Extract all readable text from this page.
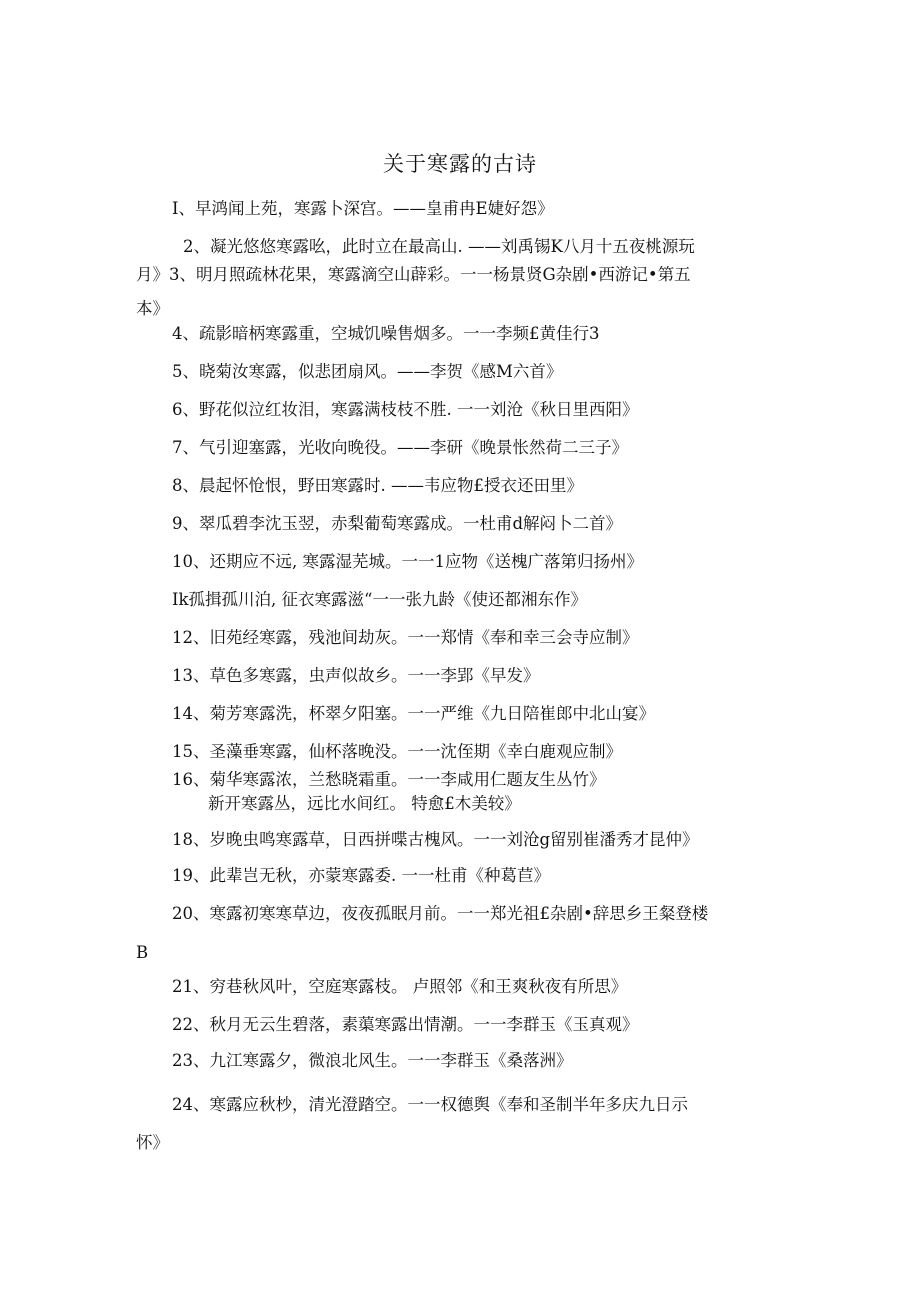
关于寒露的古诗
I、早鸿闻上苑，寒露卜深宫。——皇甫冉E婕好怨》
2、凝光悠悠寒露吆，此时立在最高山. ——刘禹锡K八月十五夜桃源玩
月》3、明月照疏林花果，寒露滴空山薜彩。一一杨景贤G杂剧•西游记•第五
本》
4、疏影暗柄寒露重，空城饥噪售烟多。一一李频£黄佳行3
5、晓菊汝寒露，似悲团扇风。——李贺《感M六首》
6、野花似泣红妆泪，寒露满枝枝不胜. 一一刘沧《秋日里西阳》
7、气引迎塞露，光收向晚役。——李研《晚景怅然荷二三子》
8、晨起怀怆恨，野田寒露时. ——韦应物£授衣还田里》
9、翠瓜碧李沈玉翌，赤梨葡萄寒露成。一杜甫d解闷卜二首》
10、还期应不远, 寒露湿芜城。一一1应物《送槐广落第归扬州》
Ik孤揖孤川泊, 征衣寒露滋“一一张九龄《使还都湘东作》
12、旧苑经寒露，残池间劫灰。一一郑情《奉和幸三会寺应制》
13、草色多寒露，虫声似故乡。一一李郢《早发》
14、菊芳寒露洗，杯翠夕阳塞。一一严维《九日陪崔郎中北山宴》
15、圣藻垂寒露，仙杯落晚没。一一沈侄期《幸白鹿观应制》
16、菊华寒露浓，兰愁晓霜重。一一李咸用仁题友生丛竹》
新开寒露丛，远比水间红。 特愈£木美较》
18、岁晚虫鸣寒露草，日西拼喋古槐风。一一刘沧g留别崔潘秀才昆仲》
19、此辈岂无秋，亦蒙寒露委. 一一杜甫《种葛苣》
20、寒露初寒寒草边，夜夜孤眠月前。一一郑光祖£杂剧•辞思乡王粲登楼
B
21、穷巷秋风叶，空庭寒露枝。 卢照邻《和王爽秋夜有所思》
22、秋月无云生碧落，素蕖寒露出情潮。一一李群玉《玉真观》
23、九江寒露夕，微浪北风生。一一李群玉《桑落洲》
24、寒露应秋杪，清光澄踏空。一一权德舆《奉和圣制半年多庆九日示
怀》
